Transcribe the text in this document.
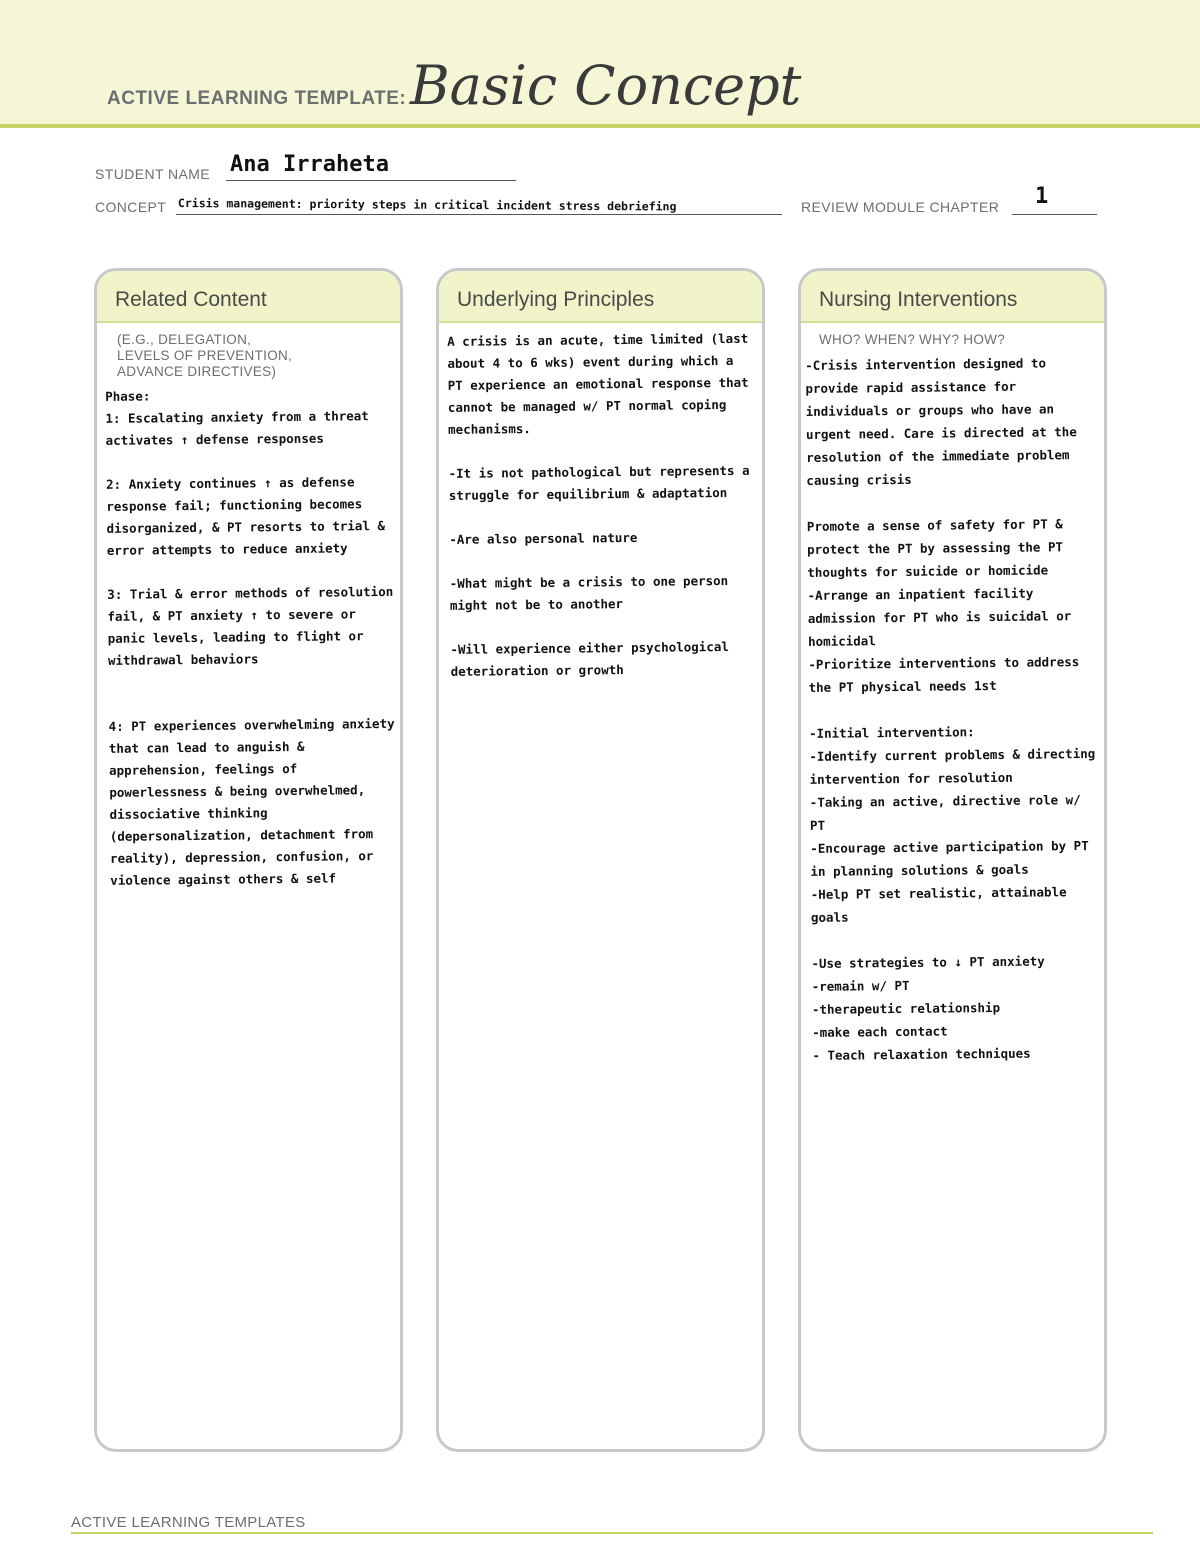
ACTIVE LEARNING TEMPLATE: Basic Concept
STUDENT NAME Ana Irraheta
CONCEPT Crisis management: priority steps in critical incident stress debriefing	REVIEW MODULE CHAPTER 1
Related Content
(E.G., DELEGATION,
LEVELS OF PREVENTION,
ADVANCE DIRECTIVES)
Phase:
1: Escalating anxiety from a threat activates ↑ defense responses

2: Anxiety continues ↑ as defense response fail; functioning becomes disorganized, & PT resorts to trial & error attempts to reduce anxiety

3: Trial & error methods of resolution fail, & PT anxiety ↑ to severe or panic levels, leading to flight or withdrawal behaviors

4: PT experiences overwhelming anxiety that can lead to anguish & apprehension, feelings of powerlessness & being overwhelmed, dissociative thinking (depersonalization, detachment from reality), depression, confusion, or violence against others & self
Underlying Principles
A crisis is an acute, time limited (last about 4 to 6 wks) event during which a PT experience an emotional response that cannot be managed w/ PT normal coping mechanisms.

-It is not pathological but represents a struggle for equilibrium & adaptation

-Are also personal nature

-What might be a crisis to one person might not be to another

-Will experience either psychological deterioration or growth
Nursing Interventions
WHO? WHEN? WHY? HOW?
-Crisis intervention designed to provide rapid assistance for individuals or groups who have an urgent need. Care is directed at the resolution of the immediate problem causing crisis

Promote a sense of safety for PT & protect the PT by assessing the PT thoughts for suicide or homicide
-Arrange an inpatient facility admission for PT who is suicidal or homicidal
-Prioritize interventions to address the PT physical needs 1st

-Initial intervention:
-Identify current problems & directing intervention for resolution
-Taking an active, directive role w/ PT
-Encourage active participation by PT in planning solutions & goals
-Help PT set realistic, attainable goals

-Use strategies to ↓ PT anxiety
-remain w/ PT
-therapeutic relationship
-make each contact
- Teach relaxation techniques
ACTIVE LEARNING TEMPLATES
